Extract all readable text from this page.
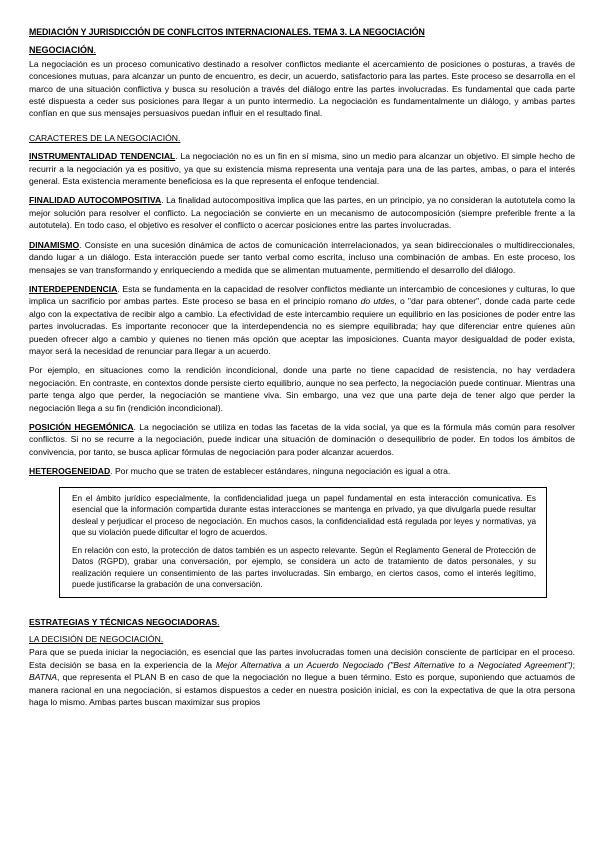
MEDIACIÓN Y JURISDICCIÓN DE CONFLCITOS INTERNACIONALES. TEMA 3. LA NEGOCIACIÓN
NEGOCIACIÓN.

La negociación es un proceso comunicativo destinado a resolver conflictos mediante el acercamiento de posiciones o posturas, a través de concesiones mutuas, para alcanzar un punto de encuentro, es decir, un acuerdo, satisfactorio para las partes. Este proceso se desarrolla en el marco de una situación conflictiva y busca su resolución a través del diálogo entre las partes involucradas. Es fundamental que cada parte esté dispuesta a ceder sus posiciones para llegar a un punto intermedio. La negociación es fundamentalmente un diálogo, y ambas partes confían en que sus mensajes persuasivos puedan influir en el resultado final.

CARACTERES DE LA NEGOCIACIÓN.

INSTRUMENTALIDAD TENDENCIAL. La negociación no es un fin en sí misma, sino un medio para alcanzar un objetivo. El simple hecho de recurrir a la negociación ya es positivo, ya que su existencia misma representa una ventaja para una de las partes, ambas, o para el interés general. Esta existencia meramente beneficiosa es la que representa el enfoque tendencial.

FINALIDAD AUTOCOMPOSITIVA. La finalidad autocompositiva implica que las partes, en un principio, ya no consideran la autotutela como la mejor solución para resolver el conflicto. La negociación se convierte en un mecanismo de autocomposición (siempre preferible frente a la autotutela). En todo caso, el objetivo es resolver el conflicto o acercar posiciones entre las partes involucradas.

DINAMISMO. Consiste en una sucesión dinámica de actos de comunicación interrelacionados, ya sean bidireccionales o multidireccionales, dando lugar a un diálogo. Esta interacción puede ser tanto verbal como escrita, incluso una combinación de ambas. En este proceso, los mensajes se van transformando y enriqueciendo a medida que se alimentan mutuamente, permitiendo el desarrollo del diálogo.

INTERDEPENDENCIA. Esta se fundamenta en la capacidad de resolver conflictos mediante un intercambio de concesiones y culturas, lo que implica un sacrificio por ambas partes. Este proceso se basa en el principio romano do utdes, o "dar para obtener", donde cada parte cede algo con la expectativa de recibir algo a cambio. La efectividad de este intercambio requiere un equilibrio en las posiciones de poder entre las partes involucradas. Es importante reconocer que la interdependencia no es siempre equilibrada; hay que diferenciar entre quienes aún pueden ofrecer algo a cambio y quienes no tienen más opción que aceptar las imposiciones. Cuanta mayor desigualdad de poder exista, mayor será la necesidad de renunciar para llegar a un acuerdo.

Por ejemplo, en situaciones como la rendición incondicional, donde una parte no tiene capacidad de resistencia, no hay verdadera negociación. En contraste, en contextos donde persiste cierto equilibrio, aunque no sea perfecto, la negociación puede continuar. Mientras una parte tenga algo que perder, la negociación se mantiene viva. Sin embargo, una vez que una parte deja de tener algo que perder la negociación llega a su fin (rendición incondicional).

POSICIÓN HEGEMÓNICA. La negociación se utiliza en todas las facetas de la vida social, ya que es la fórmula más común para resolver conflictos. Si no se recurre a la negociación, puede indicar una situación de dominación o desequilibrio de poder. En todos los ámbitos de convivencia, por tanto, se busca aplicar fórmulas de negociación para poder alcanzar acuerdos.

HETEROGENEIDAD. Por mucho que se traten de establecer estándares, ninguna negociación es igual a otra.

En el ámbito jurídico especialmente, la confidencialidad juega un papel fundamental en esta interacción comunicativa. Es esencial que la información compartida durante estas interacciones se mantenga en privado, ya que divulgarla puede resultar desleal y perjudicar el proceso de negociación. En muchos casos, la confidencialidad está regulada por leyes y normativas, ya que su violación puede dificultar el logro de acuerdos.

En relación con esto, la protección de datos también es un aspecto relevante. Según el Reglamento General de Protección de Datos (RGPD), grabar una conversación, por ejemplo, se considera un acto de tratamiento de datos personales, y su realización requiere un consentimiento de las partes involucradas. Sin embargo, en ciertos casos, como el interés legítimo, puede justificarse la grabación de una conversación.

ESTRATEGIAS Y TÉCNICAS NEGOCIADORAS.
LA DECISIÓN DE NEGOCIACIÓN.

Para que se pueda iniciar la negociación, es esencial que las partes involucradas tomen una decisión consciente de participar en el proceso. Esta decisión se basa en la experiencia de la Mejor Alternativa a un Acuerdo Negociado ("Best Alternative to a Negociated Agreement"); BATNA, que representa el PLAN B en caso de que la negociación no llegue a buen término. Esto es porque, suponiendo que actuamos de manera racional en una negociación, si estamos dispuestos a ceder en nuestra posición inicial, es con la expectativa de que la otra persona haga lo mismo. Ambas partes buscan maximizar sus propios
